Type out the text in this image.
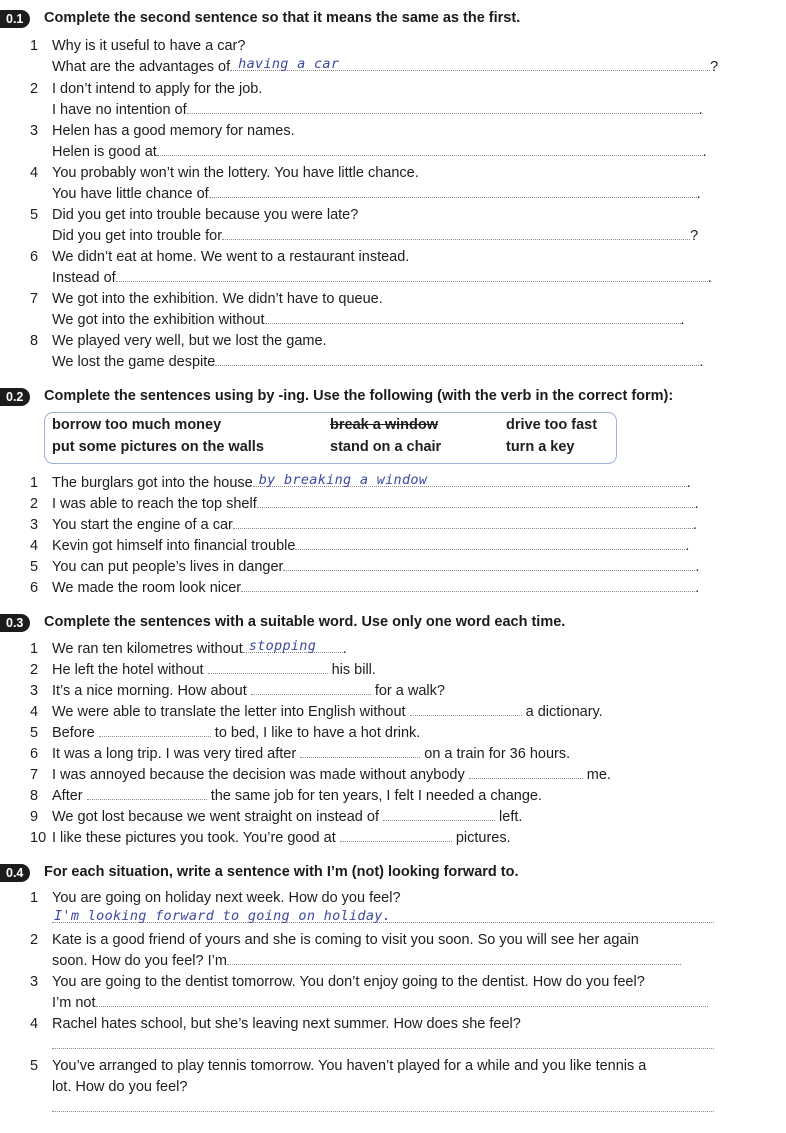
0.1	Complete the second sentence so that it means the same as the first.
1 Why is it useful to have a car?
What are the advantages of having a car	?
2 I don’t intend to apply for the job.
I have no intention of	.
3 Helen has a good memory for names.
Helen is good at	.
4 You probably won’t win the lottery. You have little chance.
You have little chance of	.
5 Did you get into trouble because you were late?
Did you get into trouble for	?
6 We didn’t eat at home. We went to a restaurant instead.
Instead of	.
7 We got into the exhibition. We didn’t have to queue.
We got into the exhibition without	.
8 We played very well, but we lost the game.
We lost the game despite	.
0.2	Complete the sentences using by -ing. Use the following (with the verb in the correct form):
borrow too much money	break a window	drive too fast
put some pictures on the walls	stand on a chair	turn a key
1 The burglars got into the house by breaking a window	.
2 I was able to reach the top shelf	.
3 You start the engine of a car	.
4 Kevin got himself into financial trouble	.
5 You can put people’s lives in danger	.
6 We made the room look nicer	.
0.3	Complete the sentences with a suitable word. Use only one word each time.
1 We ran ten kilometres without stopping .
2 He left the hotel without	his bill.
3 It’s a nice morning. How about	for a walk?
4 We were able to translate the letter into English without	a dictionary.
5 Before	to bed, I like to have a hot drink.
6 It was a long trip. I was very tired after	on a train for 36 hours.
7 I was annoyed because the decision was made without anybody	me.
8 After	the same job for ten years, I felt I needed a change.
9 We got lost because we went straight on instead of	left.
10 I like these pictures you took. You’re good at	pictures.
0.4	For each situation, write a sentence with I’m (not) looking forward to.
1 You are going on holiday next week. How do you feel?
I'm looking forward to going on holiday.
2 Kate is a good friend of yours and she is coming to visit you soon. So you will see her again
soon. How do you feel? I’m
3 You are going to the dentist tomorrow. You don’t enjoy going to the dentist. How do you feel?
I’m not
4 Rachel hates school, but she’s leaving next summer. How does she feel?
5 You’ve arranged to play tennis tomorrow. You haven’t played for a while and you like tennis a
lot. How do you feel?
